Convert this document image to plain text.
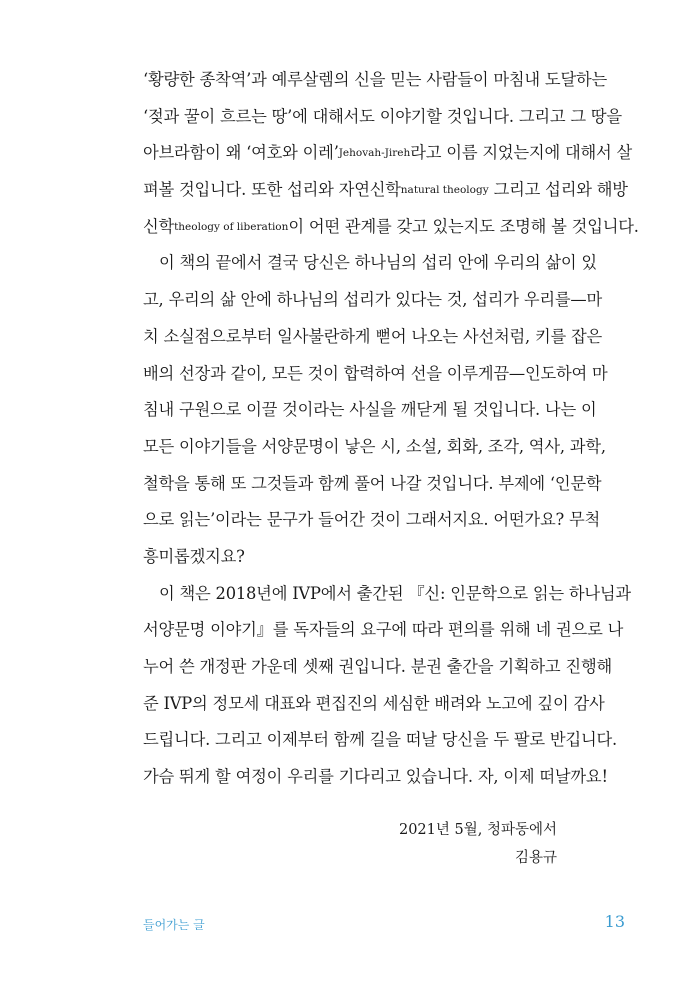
‘황량한 종착역’과 예루살렘의 신을 믿는 사람들이 마침내 도달하는
‘젖과 꿀이 흐르는 땅’에 대해서도 이야기할 것입니다. 그리고 그 땅을
아브라함이 왜 ‘여호와 이레’Jehovah-Jireh라고 이름 지었는지에 대해서 살
펴볼 것입니다. 또한 섭리와 자연신학natural theology 그리고 섭리와 해방
신학theology of liberation이 어떤 관계를 갖고 있는지도 조명해 볼 것입니다.
이 책의 끝에서 결국 당신은 하나님의 섭리 안에 우리의 삶이 있
고, 우리의 삶 안에 하나님의 섭리가 있다는 것, 섭리가 우리를—마
치 소실점으로부터 일사불란하게 뻗어 나오는 사선처럼, 키를 잡은
배의 선장과 같이, 모든 것이 합력하여 선을 이루게끔—인도하여 마
침내 구원으로 이끌 것이라는 사실을 깨닫게 될 것입니다. 나는 이
모든 이야기들을 서양문명이 낳은 시, 소설, 회화, 조각, 역사, 과학,
철학을 통해 또 그것들과 함께 풀어 나갈 것입니다. 부제에 ‘인문학
으로 읽는’이라는 문구가 들어간 것이 그래서지요. 어떤가요? 무척
흥미롭겠지요?
이 책은 2018년에 IVP에서 출간된 『신: 인문학으로 읽는 하나님과
서양문명 이야기』를 독자들의 요구에 따라 편의를 위해 네 권으로 나
누어 쓴 개정판 가운데 셋째 권입니다. 분권 출간을 기획하고 진행해
준 IVP의 정모세 대표와 편집진의 세심한 배려와 노고에 깊이 감사
드립니다. 그리고 이제부터 함께 길을 떠날 당신을 두 팔로 반깁니다.
가슴 뛰게 할 여정이 우리를 기다리고 있습니다. 자, 이제 떠날까요!
2021년 5월, 청파동에서
김용규
들어가는 글	13
